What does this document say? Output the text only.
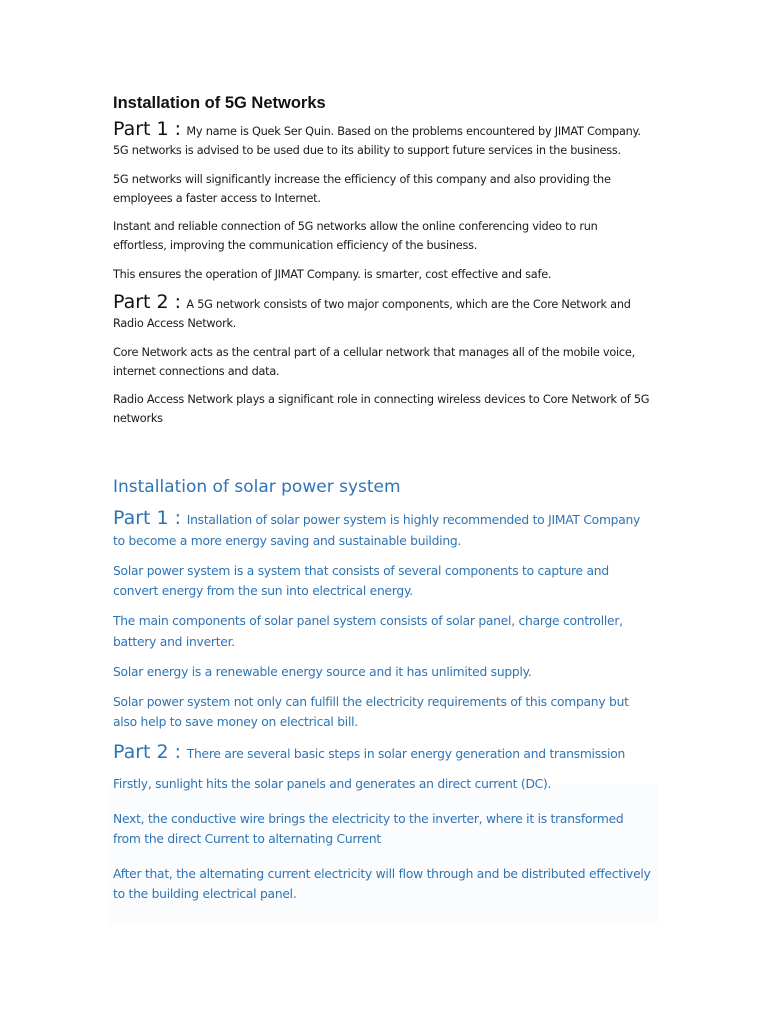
Installation of 5G Networks

Part 1 : My name is Quek Ser Quin. Based on the problems encountered by JIMAT Company. 5G networks is advised to be used due to its ability to support future services in the business.

5G networks will significantly increase the efficiency of this company and also providing the employees a faster access to Internet.

Instant and reliable connection of 5G networks allow the online conferencing video to run effortless, improving the communication efficiency of the business.

This ensures the operation of JIMAT Company. is smarter, cost effective and safe.

Part 2 : A 5G network consists of two major components, which are the Core Network and Radio Access Network.

Core Network acts as the central part of a cellular network that manages all of the mobile voice, internet connections and data.

Radio Access Network plays a significant role in connecting wireless devices to Core Network of 5G networks

Installation of solar power system

Part 1 : Installation of solar power system is highly recommended to JIMAT Company to become a more energy saving and sustainable building.

Solar power system is a system that consists of several components to capture and convert energy from the sun into electrical energy.

The main components of solar panel system consists of solar panel, charge controller, battery and inverter.

Solar energy is a renewable energy source and it has unlimited supply.

Solar power system not only can fulfill the electricity requirements of this company but also help to save money on electrical bill.

Part 2 : There are several basic steps in solar energy generation and transmission

Firstly, sunlight hits the solar panels and generates an direct current (DC).

Next, the conductive wire brings the electricity to the inverter, where it is transformed from the direct Current to alternating Current

After that, the alternating current electricity will flow through and be distributed effectively to the building electrical panel.
